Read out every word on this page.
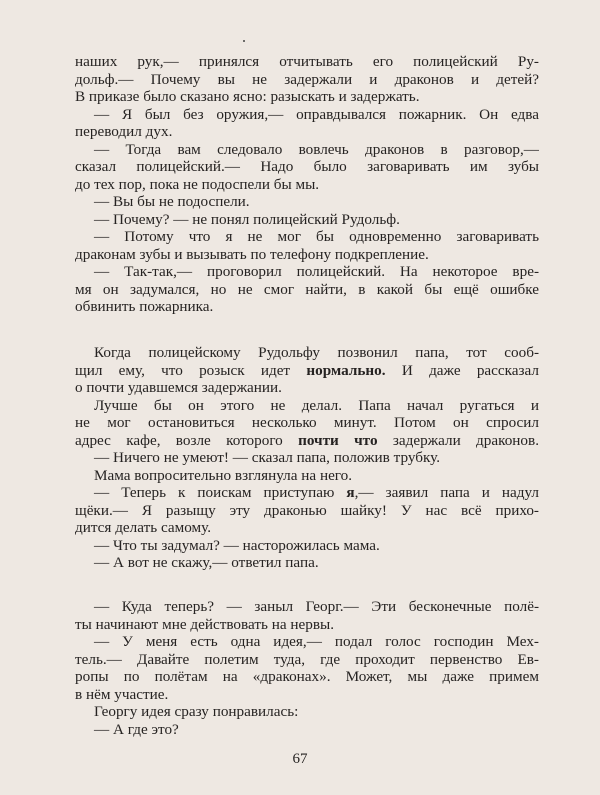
наших рук,— принялся отчитывать его полицейский Ру-
дольф.— Почему вы не задержали и драконов и детей?
В приказе было сказано ясно: разыскать и задержать.
— Я был без оружия,— оправдывался пожарник. Он едва
переводил дух.
— Тогда вам следовало вовлечь драконов в разговор,—
сказал полицейский.— Надо было заговаривать им зубы
до тех пор, пока не подоспели бы мы.
— Вы бы не подоспели.
— Почему? — не понял полицейский Рудольф.
— Потому что я не мог бы одновременно заговаривать
драконам зубы и вызывать по телефону подкрепление.
— Так-так,— проговорил полицейский. На некоторое вре-
мя он задумался, но не смог найти, в какой бы ещё ошибке
обвинить пожарника.
Когда полицейскому Рудольфу позвонил папа, тот сооб-
щил ему, что розыск идет нормально. И даже рассказал
о почти удавшемся задержании.
Лучше бы он этого не делал. Папа начал ругаться и
не мог остановиться несколько минут. Потом он спросил
адрес кафе, возле которого почти что задержали драконов.
— Ничего не умеют! — сказал папа, положив трубку.
Мама вопросительно взглянула на него.
— Теперь к поискам приступаю я,— заявил папа и надул
щёки.— Я разыщу эту драконью шайку! У нас всё прихо-
дится делать самому.
— Что ты задумал? — насторожилась мама.
— А вот не скажу,— ответил папа.
— Куда теперь? — заныл Георг.— Эти бесконечные полё-
ты начинают мне действовать на нервы.
— У меня есть одна идея,— подал голос господин Мех-
тель.— Давайте полетим туда, где проходит первенство Ев-
ропы по полётам на «драконах». Может, мы даже примем
в нём участие.
Георгу идея сразу понравилась:
— А где это?
67
